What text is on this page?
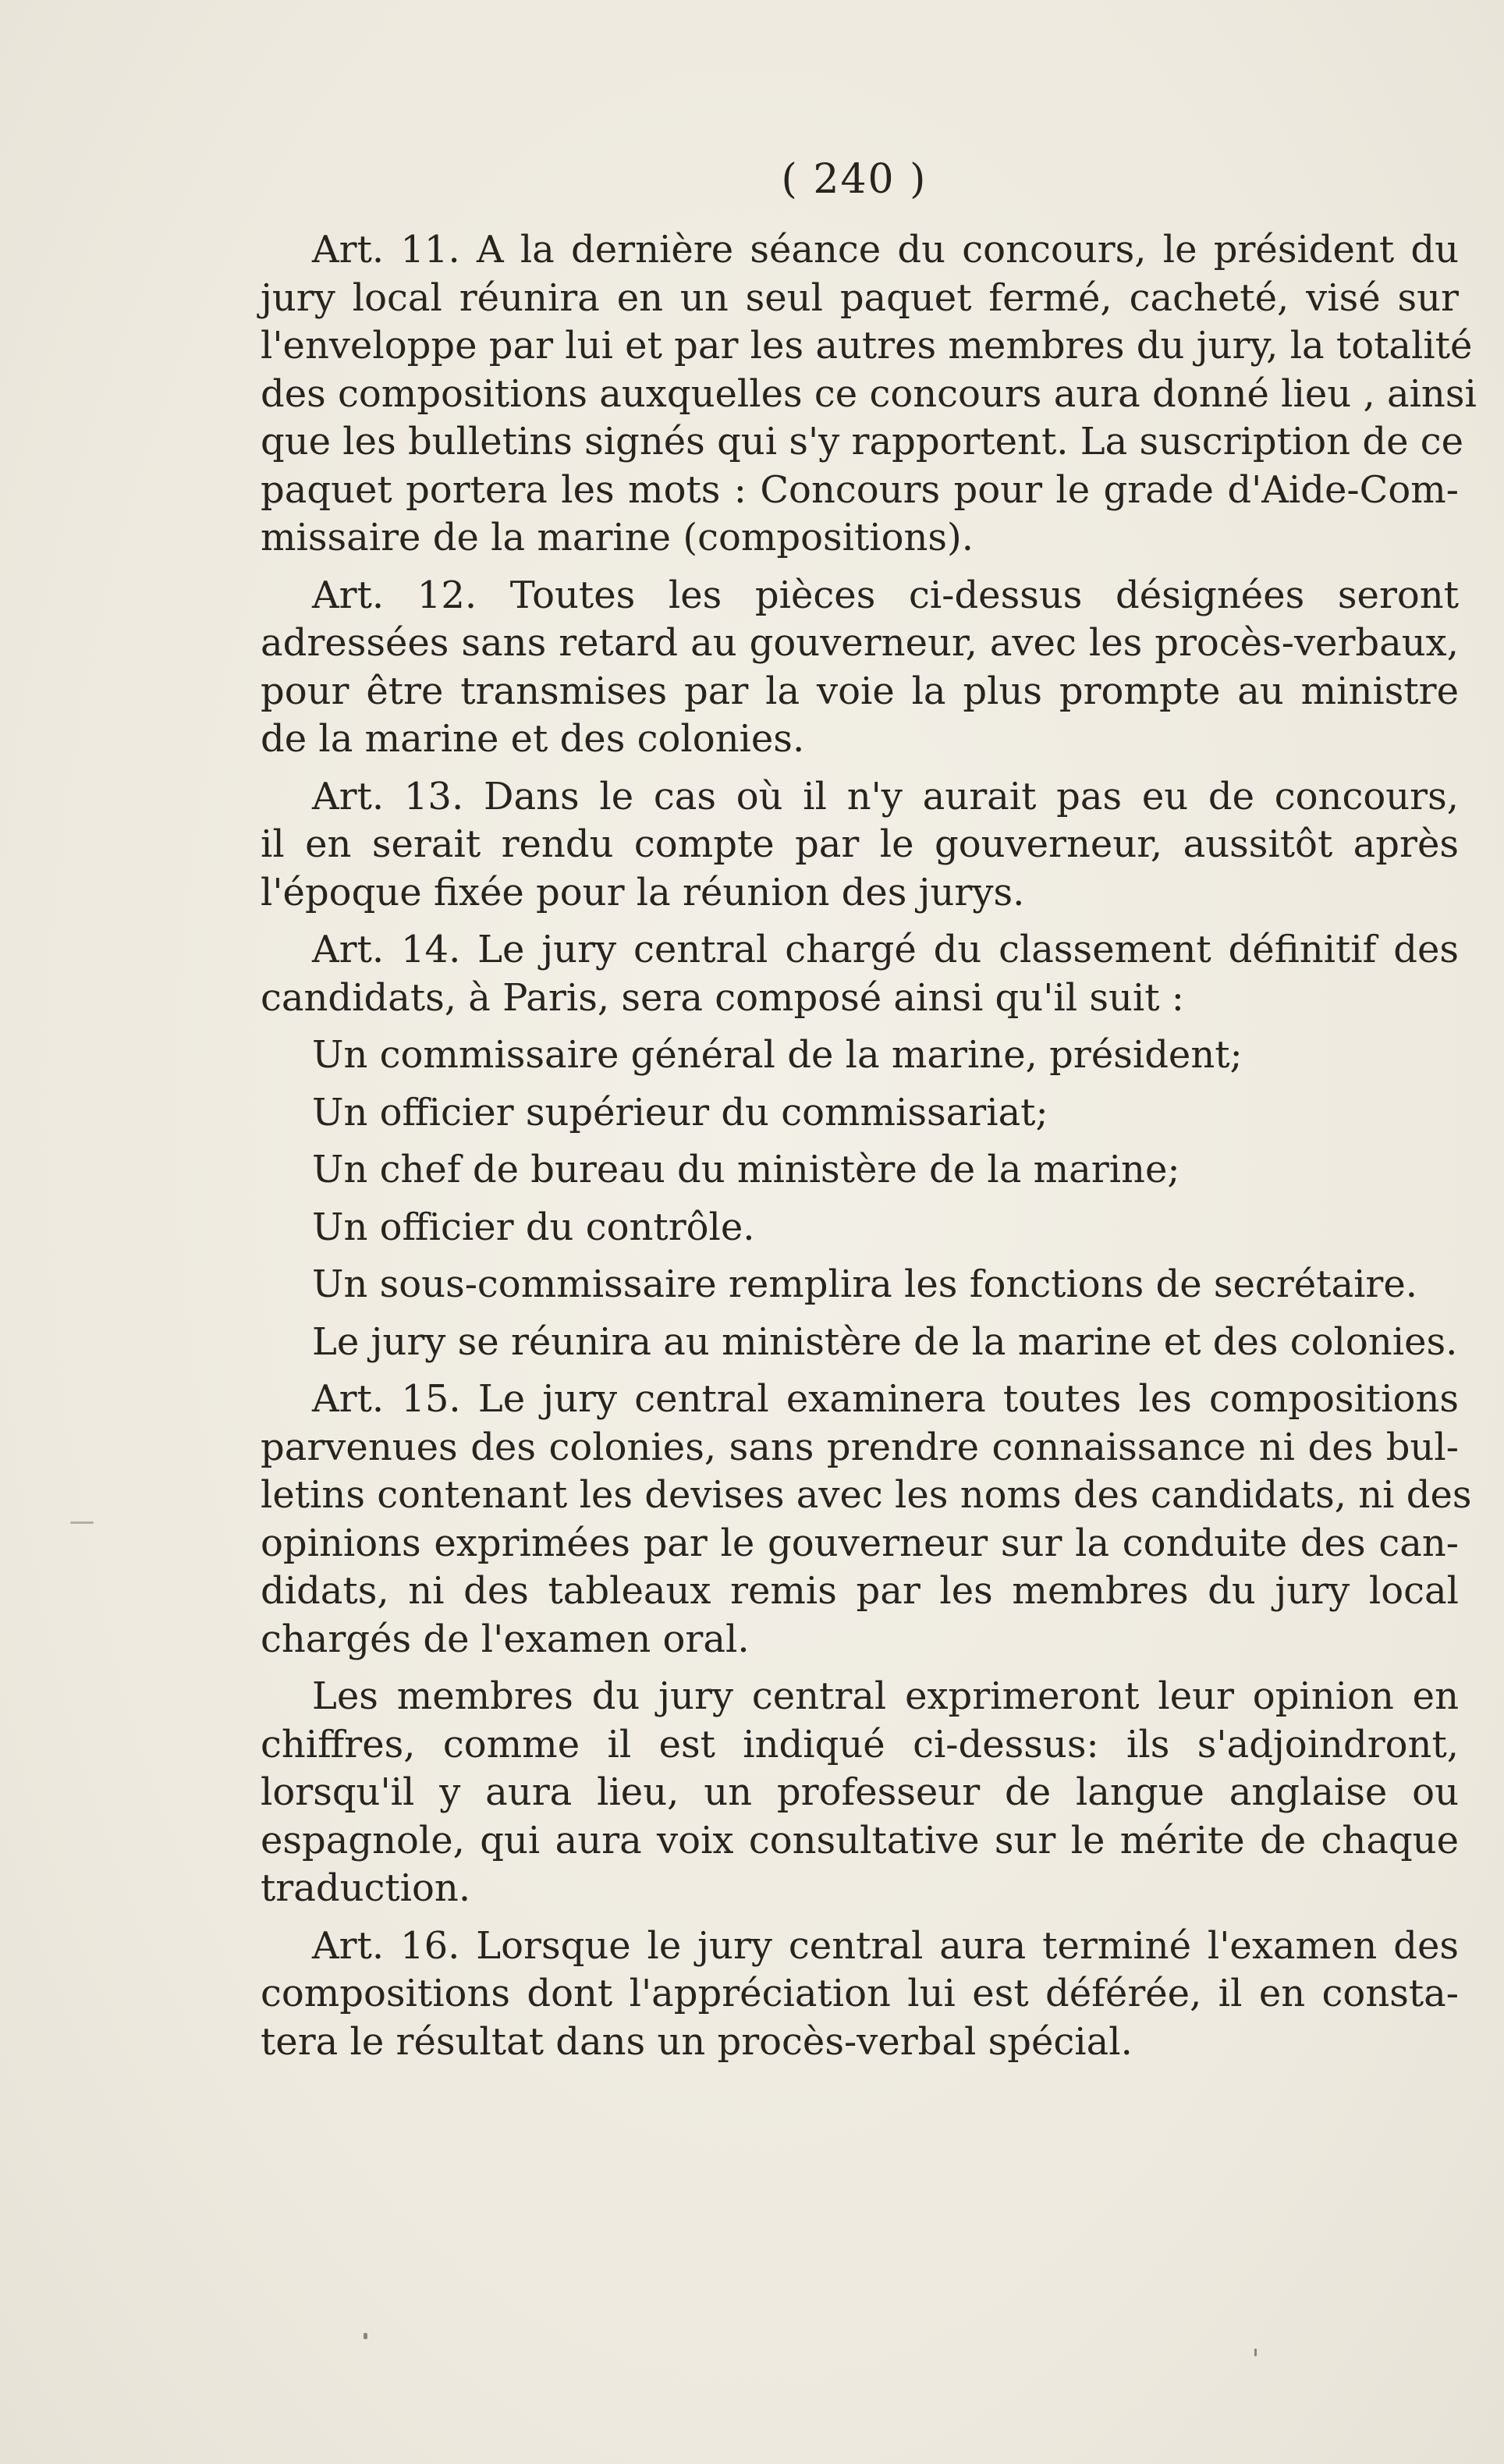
( 240 )
Art. 11. A la dernière séance du concours, le président du
jury local réunira en un seul paquet fermé, cacheté, visé sur
l'enveloppe par lui et par les autres membres du jury, la totalité
des compositions auxquelles ce concours aura donné lieu , ainsi
que les bulletins signés qui s'y rapportent. La suscription de ce
paquet portera les mots : Concours pour le grade d'Aide-Com-
missaire de la marine (compositions).
Art. 12. Toutes les pièces ci-dessus désignées seront
adressées sans retard au gouverneur, avec les procès-verbaux,
pour être transmises par la voie la plus prompte au ministre
de la marine et des colonies.
Art. 13. Dans le cas où il n'y aurait pas eu de concours,
il en serait rendu compte par le gouverneur, aussitôt après
l'époque fixée pour la réunion des jurys.
Art. 14. Le jury central chargé du classement définitif des
candidats, à Paris, sera composé ainsi qu'il suit :
Un commissaire général de la marine, président;
Un officier supérieur du commissariat;
Un chef de bureau du ministère de la marine;
Un officier du contrôle.
Un sous-commissaire remplira les fonctions de secrétaire.
Le jury se réunira au ministère de la marine et des colonies.
Art. 15. Le jury central examinera toutes les compositions
parvenues des colonies, sans prendre connaissance ni des bul-
letins contenant les devises avec les noms des candidats, ni des
opinions exprimées par le gouverneur sur la conduite des can-
didats, ni des tableaux remis par les membres du jury local
chargés de l'examen oral.
Les membres du jury central exprimeront leur opinion en
chiffres, comme il est indiqué ci-dessus: ils s'adjoindront,
lorsqu'il y aura lieu, un professeur de langue anglaise ou
espagnole, qui aura voix consultative sur le mérite de chaque
traduction.
Art. 16. Lorsque le jury central aura terminé l'examen des
compositions dont l'appréciation lui est déférée, il en consta-
tera le résultat dans un procès-verbal spécial.
